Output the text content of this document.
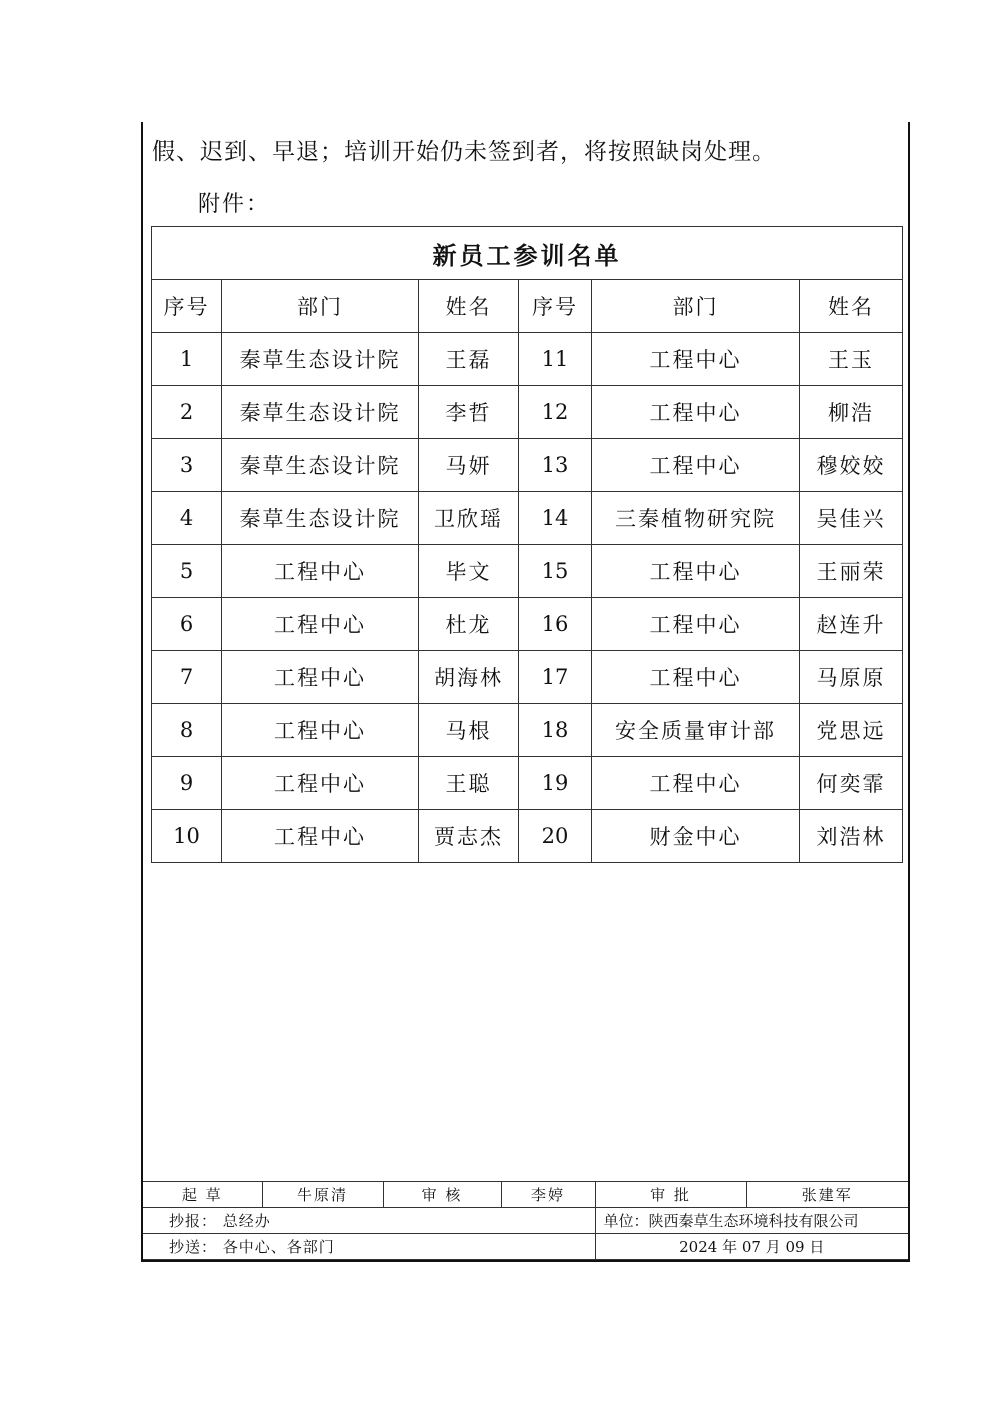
假、迟到、早退；培训开始仍未签到者，将按照缺岗处理。
附件：
新员工参训名单					
序号	部门	姓名	序号	部门	姓名
1	秦草生态设计院	王磊	11	工程中心	王玉
2	秦草生态设计院	李哲	12	工程中心	柳浩
3	秦草生态设计院	马妍	13	工程中心	穆姣姣
4	秦草生态设计院	卫欣瑶	14	三秦植物研究院	吴佳兴
5	工程中心	毕文	15	工程中心	王丽荣
6	工程中心	杜龙	16	工程中心	赵连升
7	工程中心	胡海林	17	工程中心	马原原
8	工程中心	马根	18	安全质量审计部	党思远
9	工程中心	王聪	19	工程中心	何奕霏
10	工程中心	贾志杰	20	财金中心	刘浩林
起 草	牛原清	审 核	李婷	审 批	张建军
抄报： 总经办				单位：陕西秦草生态环境科技有限公司	
抄送： 各中心、各部门				2024 年 07 月 09 日	
